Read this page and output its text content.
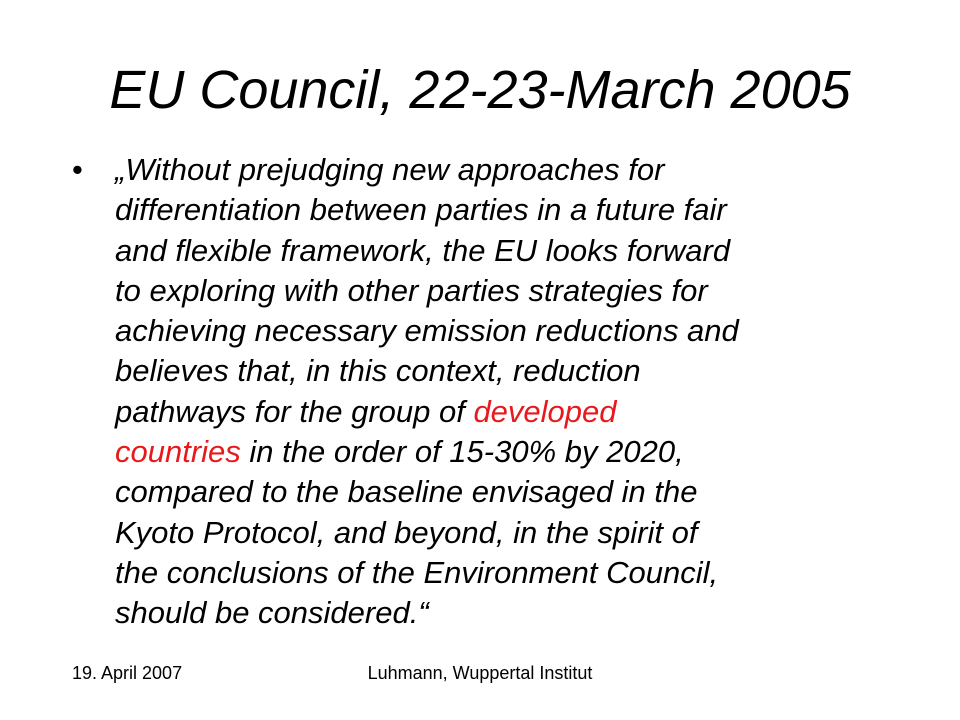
EU Council, 22-23-March 2005
• „Without prejudging new approaches for
differentiation between parties in a future fair
and flexible framework, the EU looks forward
to exploring with other parties strategies for
achieving necessary emission reductions and
believes that, in this context, reduction
pathways for the group of developed
countries in the order of 15-30% by 2020,
compared to the baseline envisaged in the
Kyoto Protocol, and beyond, in the spirit of
the conclusions of the Environment Council,
should be considered.“
19. April 2007	Luhmann, Wuppertal Institut
